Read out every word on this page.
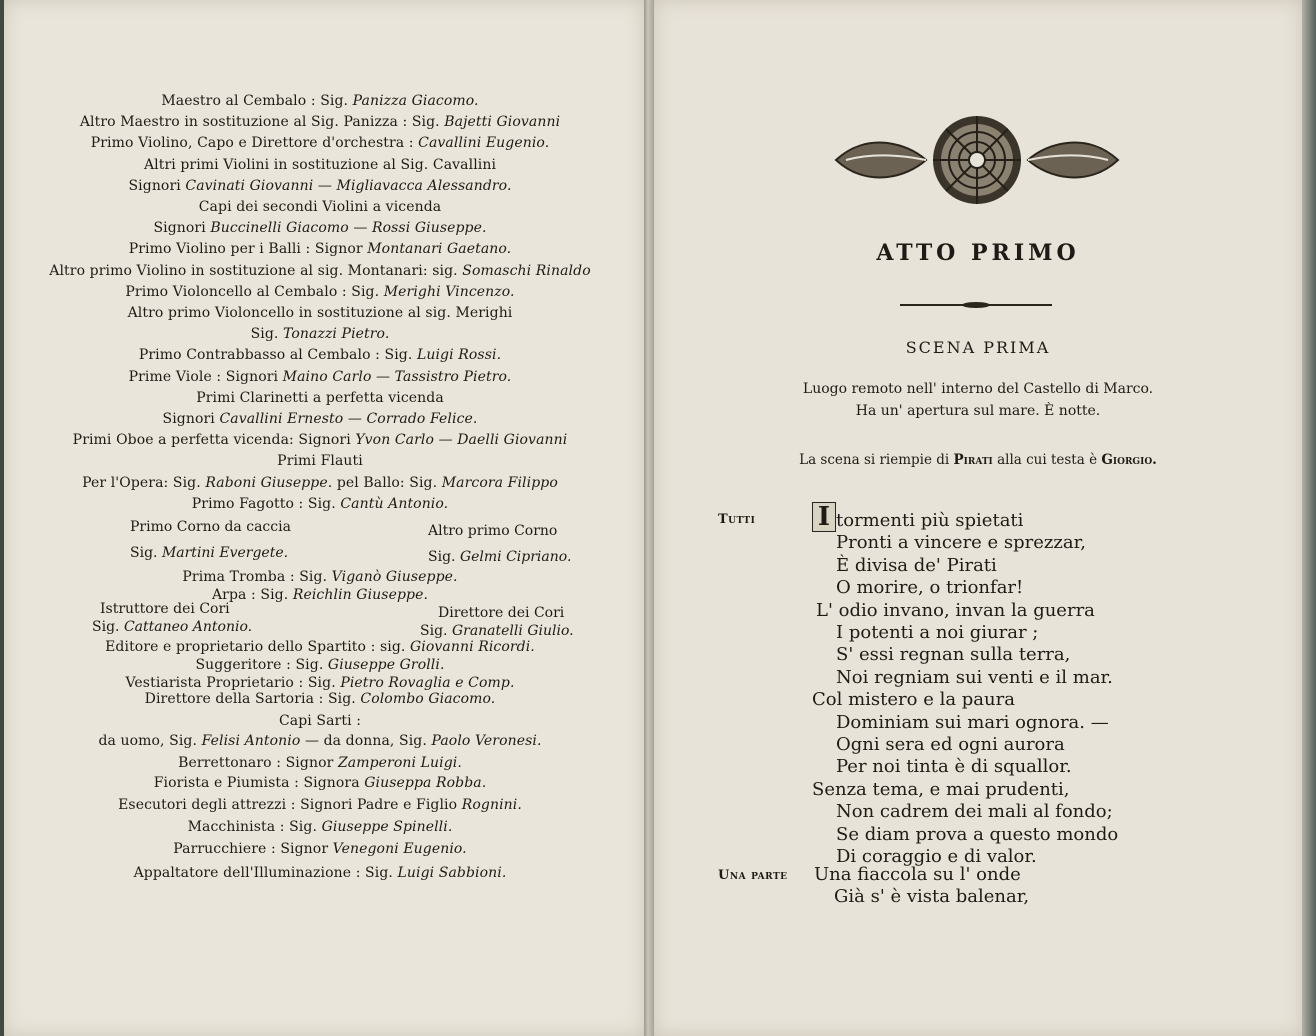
Maestro al Cembalo : Sig. Panizza Giacomo.
Altro Maestro in sostituzione al Sig. Panizza : Sig. Bajetti Giovanni
Primo Violino, Capo e Direttore d'orchestra : Cavallini Eugenio.
Altri primi Violini in sostituzione al Sig. Cavallini
Signori Cavinati Giovanni — Migliavacca Alessandro.
Capi dei secondi Violini a vicenda
Signori Buccinelli Giacomo — Rossi Giuseppe.
Primo Violino per i Balli : Signor Montanari Gaetano.
Altro primo Violino in sostituzione al sig. Montanari: sig. Somaschi Rinaldo
Primo Violoncello al Cembalo : Sig. Merighi Vincenzo.
Altro primo Violoncello in sostituzione al sig. Merighi
Sig. Tonazzi Pietro.
Primo Contrabbasso al Cembalo : Sig. Luigi Rossi.
Prime Viole : Signori Maino Carlo — Tassistro Pietro.
Primi Clarinetti a perfetta vicenda
Signori Cavallini Ernesto — Corrado Felice.
Primi Oboe a perfetta vicenda: Signori Yvon Carlo — Daelli Giovanni
Primi Flauti
Per l'Opera: Sig. Raboni Giuseppe. pel Ballo: Sig. Marcora Filippo
Primo Fagotto : Sig. Cantù Antonio.
Prima Tromba : Sig. Viganò Giuseppe.
Arpa : Sig. Reichlin Giuseppe.
Editore e proprietario dello Spartito : sig. Giovanni Ricordi.
Suggeritore : Sig. Giuseppe Grolli.
Vestiarista Proprietario : Sig. Pietro Rovaglia e Comp.
Direttore della Sartoria : Sig. Colombo Giacomo.
Capi Sarti :
da uomo, Sig. Felisi Antonio — da donna, Sig. Paolo Veronesi.
Berrettonaro : Signor Zamperoni Luigi.
Fiorista e Piumista : Signora Giuseppa Robba.
Esecutori degli attrezzi : Signori Padre e Figlio Rognini.
Macchinista : Sig. Giuseppe Spinelli.
Parrucchiere : Signor Venegoni Eugenio.
Appaltatore dell'Illuminazione : Sig. Luigi Sabbioni.
Primo Corno da caccia	Altro primo Corno
Sig. Martini Evergete.	Sig. Gelmi Cipriano.
Istruttore dei Cori	Direttore dei Cori
Sig. Cattaneo Antonio.	Sig. Granatelli Giulio.
ATTO PRIMO
SCENA PRIMA
Luogo remoto nell' interno del Castello di Marco.
Ha un' apertura sul mare. È notte.
La scena si riempie di Pirati alla cui testa è Giorgio.
Tutti I tormenti più spietati
Pronti a vincere e sprezzar,
È divisa de' Pirati
O morire, o trionfar!
L' odio invano, invan la guerra
I potenti a noi giurar ;
S' essi regnan sulla terra,
Noi regniam sui venti e il mar.
Col mistero e la paura
Dominiam sui mari ognora. —
Ogni sera ed ogni aurora
Per noi tinta è di squallor.
Senza tema, e mai prudenti,
Non cadrem dei mali al fondo;
Se diam prova a questo mondo
Di coraggio e di valor.
Una parte Una fiaccola su l' onde
Già s' è vista balenar,
